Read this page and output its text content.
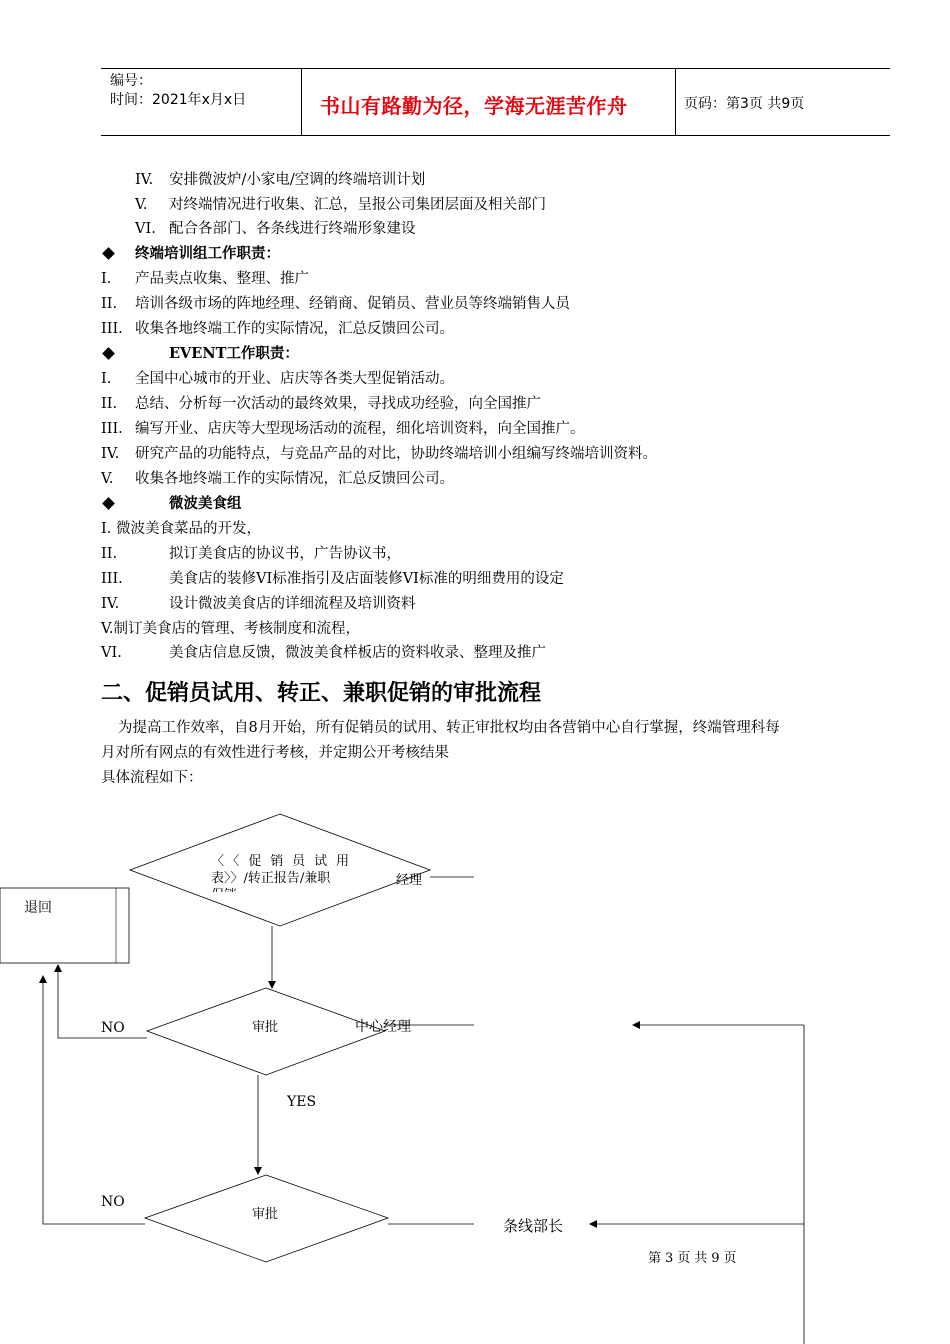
编号：
时间：2021年x月x日	书山有路勤为径，学海无涯苦作舟	页码：第3页 共9页
IV. 安排微波炉/小家电/空调的终端培训计划
V. 对终端情况进行收集、汇总，呈报公司集团层面及相关部门
VI. 配合各部门、各条线进行终端形象建设
终端培训组工作职责：
I. 产品卖点收集、整理、推广
II. 培训各级市场的阵地经理、经销商、促销员、营业员等终端销售人员
III. 收集各地终端工作的实际情况，汇总反馈回公司。
EVENT工作职责：
I. 全国中心城市的开业、店庆等各类大型促销活动。
II. 总结、分析每一次活动的最终效果，寻找成功经验，向全国推广
III. 编写开业、店庆等大型现场活动的流程，细化培训资料，向全国推广。
IV. 研究产品的功能特点，与竞品产品的对比，协助终端培训小组编写终端培训资料。
V. 收集各地终端工作的实际情况，汇总反馈回公司。
微波美食组
I. 微波美食菜品的开发，
II.	拟订美食店的协议书，广告协议书，
III.	美食店的装修VI标准指引及店面装修VI标准的明细费用的设定
IV.	设计微波美食店的详细流程及培训资料
V.制订美食店的管理、考核制度和流程，
VI.	美食店信息反馈，微波美食样板店的资料收录、整理及推广
二、促销员试用、转正、兼职促销的审批流程
为提高工作效率，自8月开始，所有促销员的试用、转正审批权均由各营销中心自行掌握，终端管理科每
月对所有网点的有效性进行考核，并定期公开考核结果
具体流程如下：
〈〈促销员试用
表〉〉/转正报告/兼职	经理
退回
审批	中心经理
NO
YES
审批
NO
条线部长
第3页共9页
